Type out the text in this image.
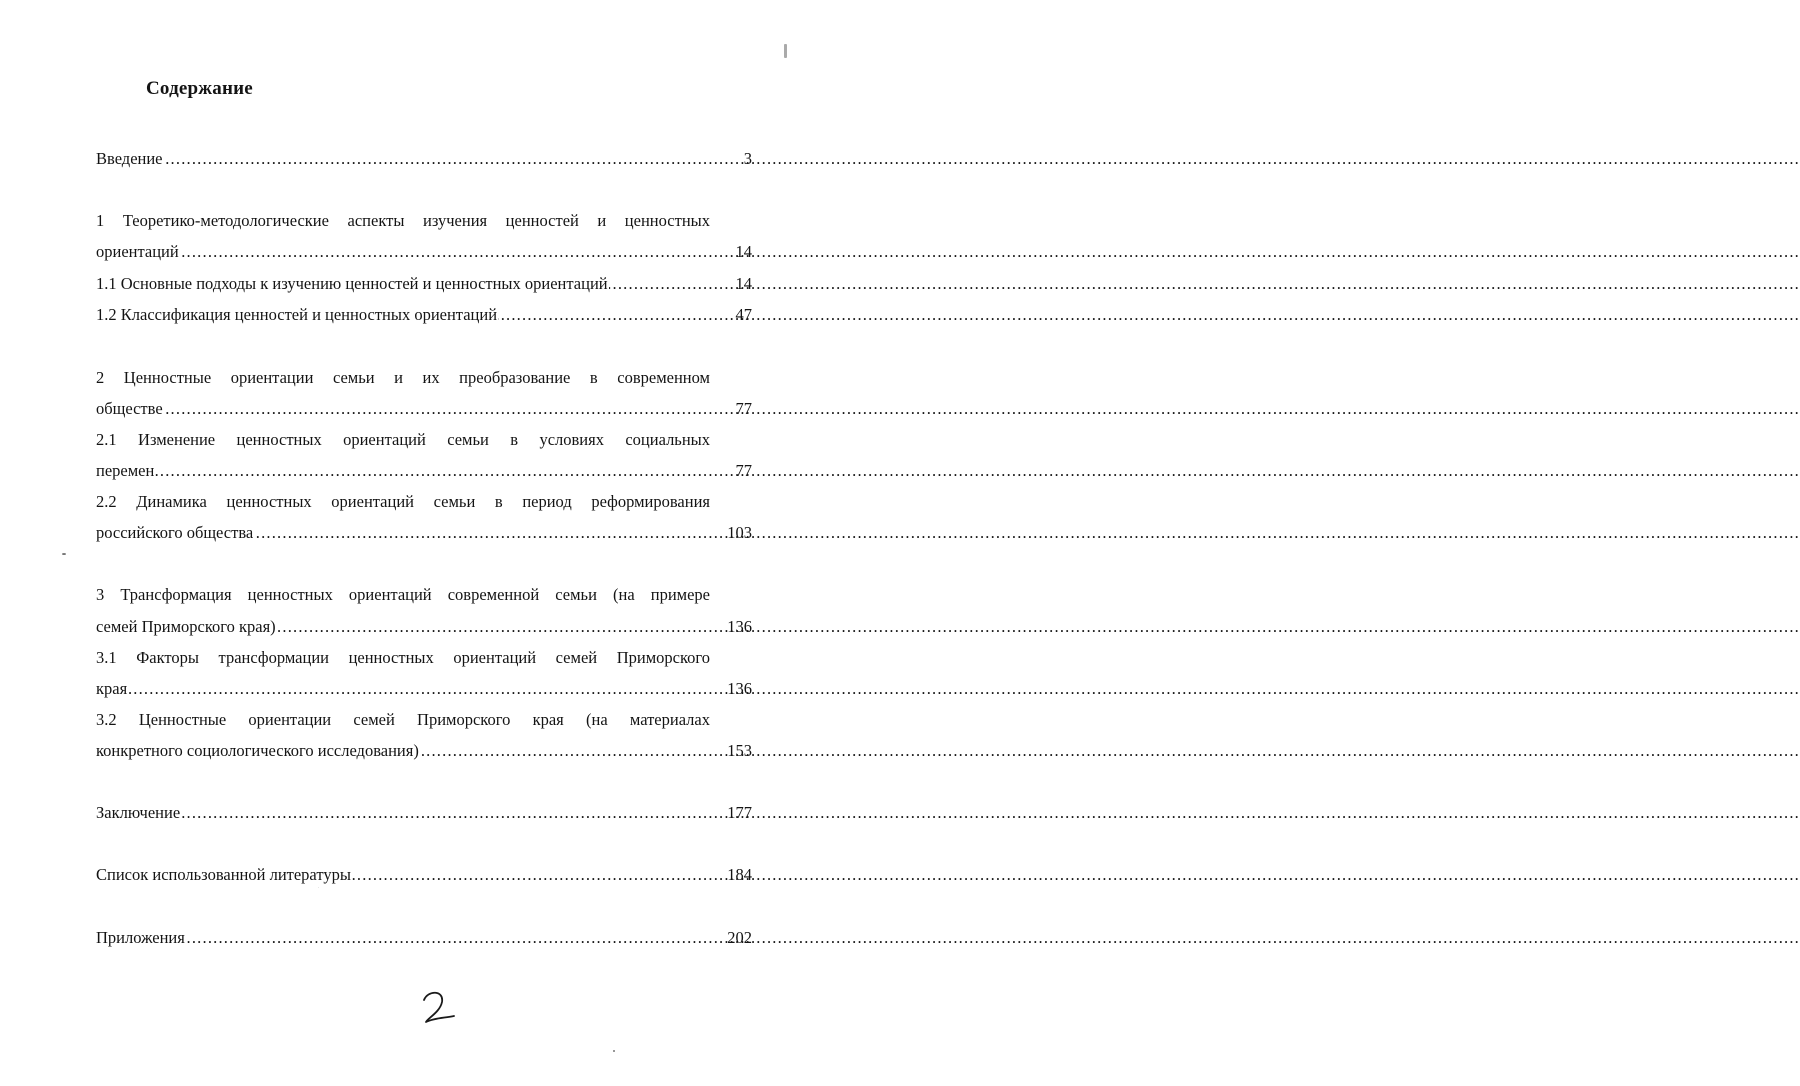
Содержание
Введение .....	3
1 Теоретико-методологические аспекты изучения ценностей и ценностных
ориентаций .....	14
1.1 Основные подходы к изучению ценностей и ценностных ориентаций .....	14
1.2 Классификация ценностей и ценностных ориентаций .....	47
2 Ценностные ориентации семьи и их преобразование в современном
обществе .....	77
2.1 Изменение ценностных ориентаций семьи в условиях социальных
перемен .....	77
2.2 Динамика ценностных ориентаций семьи в период реформирования
российского общества .....	103
3 Трансформация ценностных ориентаций современной семьи (на примере
семей Приморского края) .....	136
3.1 Факторы трансформации ценностных ориентаций семей Приморского
края .....	136
3.2 Ценностные ориентации семей Приморского края (на материалах
конкретного социологического исследования) .....	153
Заключение .....	177
Список использованной литературы .....	184
Приложения .....	202
2
